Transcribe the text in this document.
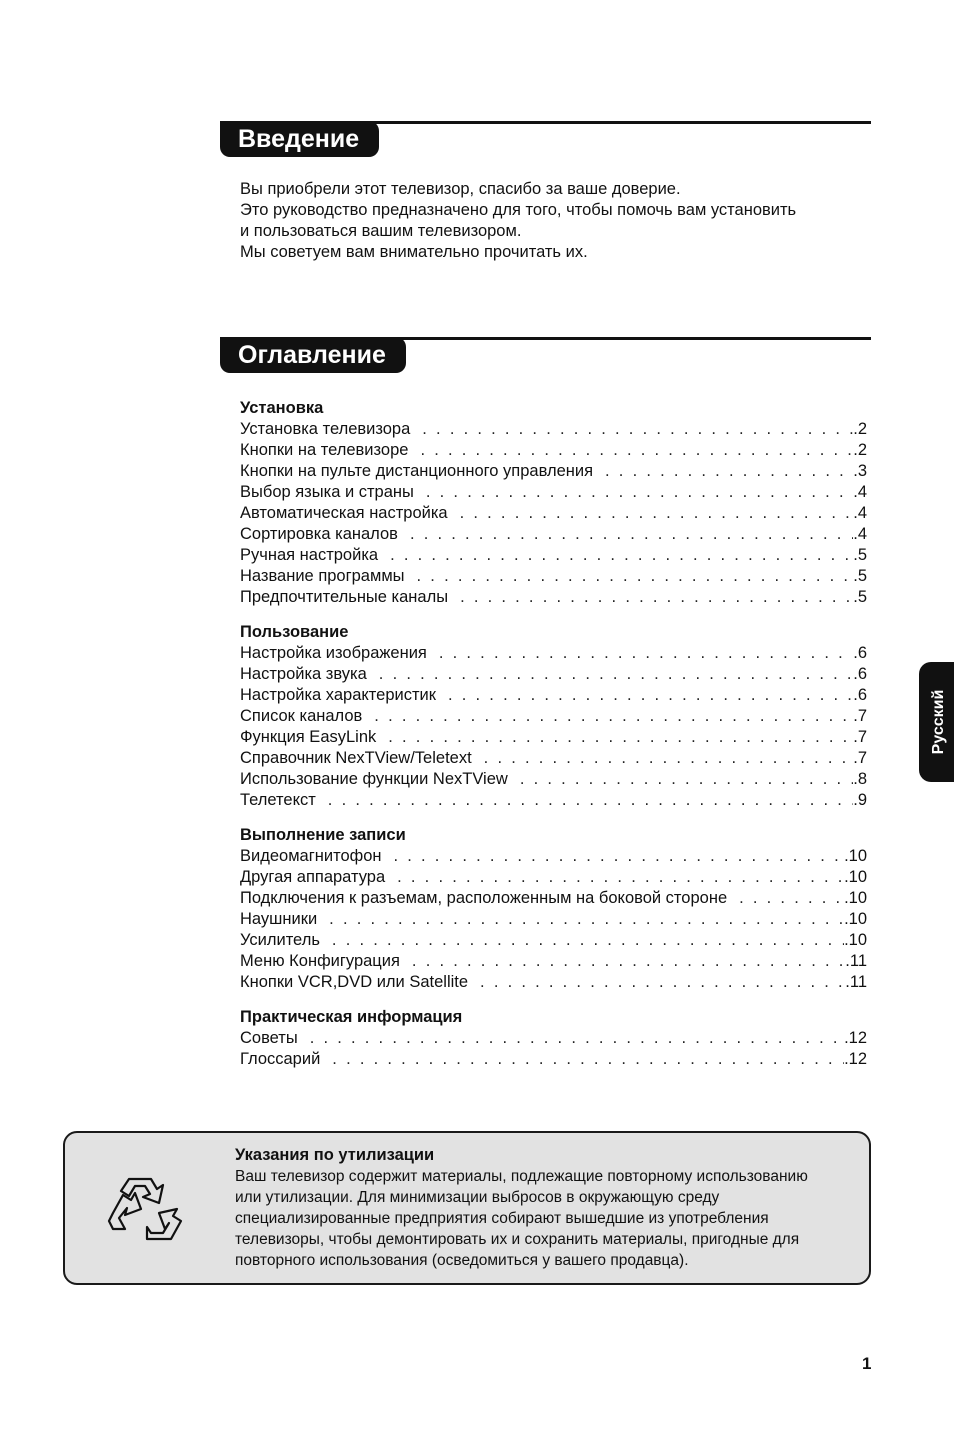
Введение
Вы приобрели этот телевизор, спасибо за ваше доверие.
Это руководство предназначено для того, чтобы помочь вам установить
и пользоваться вашим телевизором.
Мы советуем вам внимательно прочитать их.
Оглавление
Установка
Установка телевизора . . .	.2
Кнопки на телевизоре . . .	.2
Кнопки на пульте дистанционного управления . . .	.3
Выбор языка и страны . . .	.4
Автоматическая настройка . . .	.4
Сортировка каналов . . .	.4
Ручная настройка . . .	.5
Название программы . . .	.5
Предпочтительные каналы . . .	.5
Пользование
Настройка изображения . . .	.6
Настройка звука . . .	.6
Настройка характеристик . . .	.6
Список каналов . . .	.7
Функция EasyLink . . .	.7
Справочник NexTView/Teletext . . .	.7
Использование функции NexTView . . .	.8
Телетекст . . .	.9
Выполнение записи
Видеомагнитофон . . .	.10
Другая аппаратура . . .	.10
Подключения к разъемам, расположенным на боковой стороне . . .	.10
Наушники . . .	.10
Усилитель . . .	.10
Меню Конфигурация . . .	.11
Кнопки VCR,DVD или Satellite . . .	.11
Практическая информация
Советы . . .	.12
Глоссарий . . .	.12
Русский
Указания по утилизации
Ваш телевизор содержит материалы, подлежащие повторному использованию
или утилизации. Для минимизации выбросов в окружающую среду
специализированные предприятия собирают вышедшие из употребления
телевизоры, чтобы демонтировать их и сохранить материалы, пригодные для
повторного использования (осведомиться у вашего продавца).
1
